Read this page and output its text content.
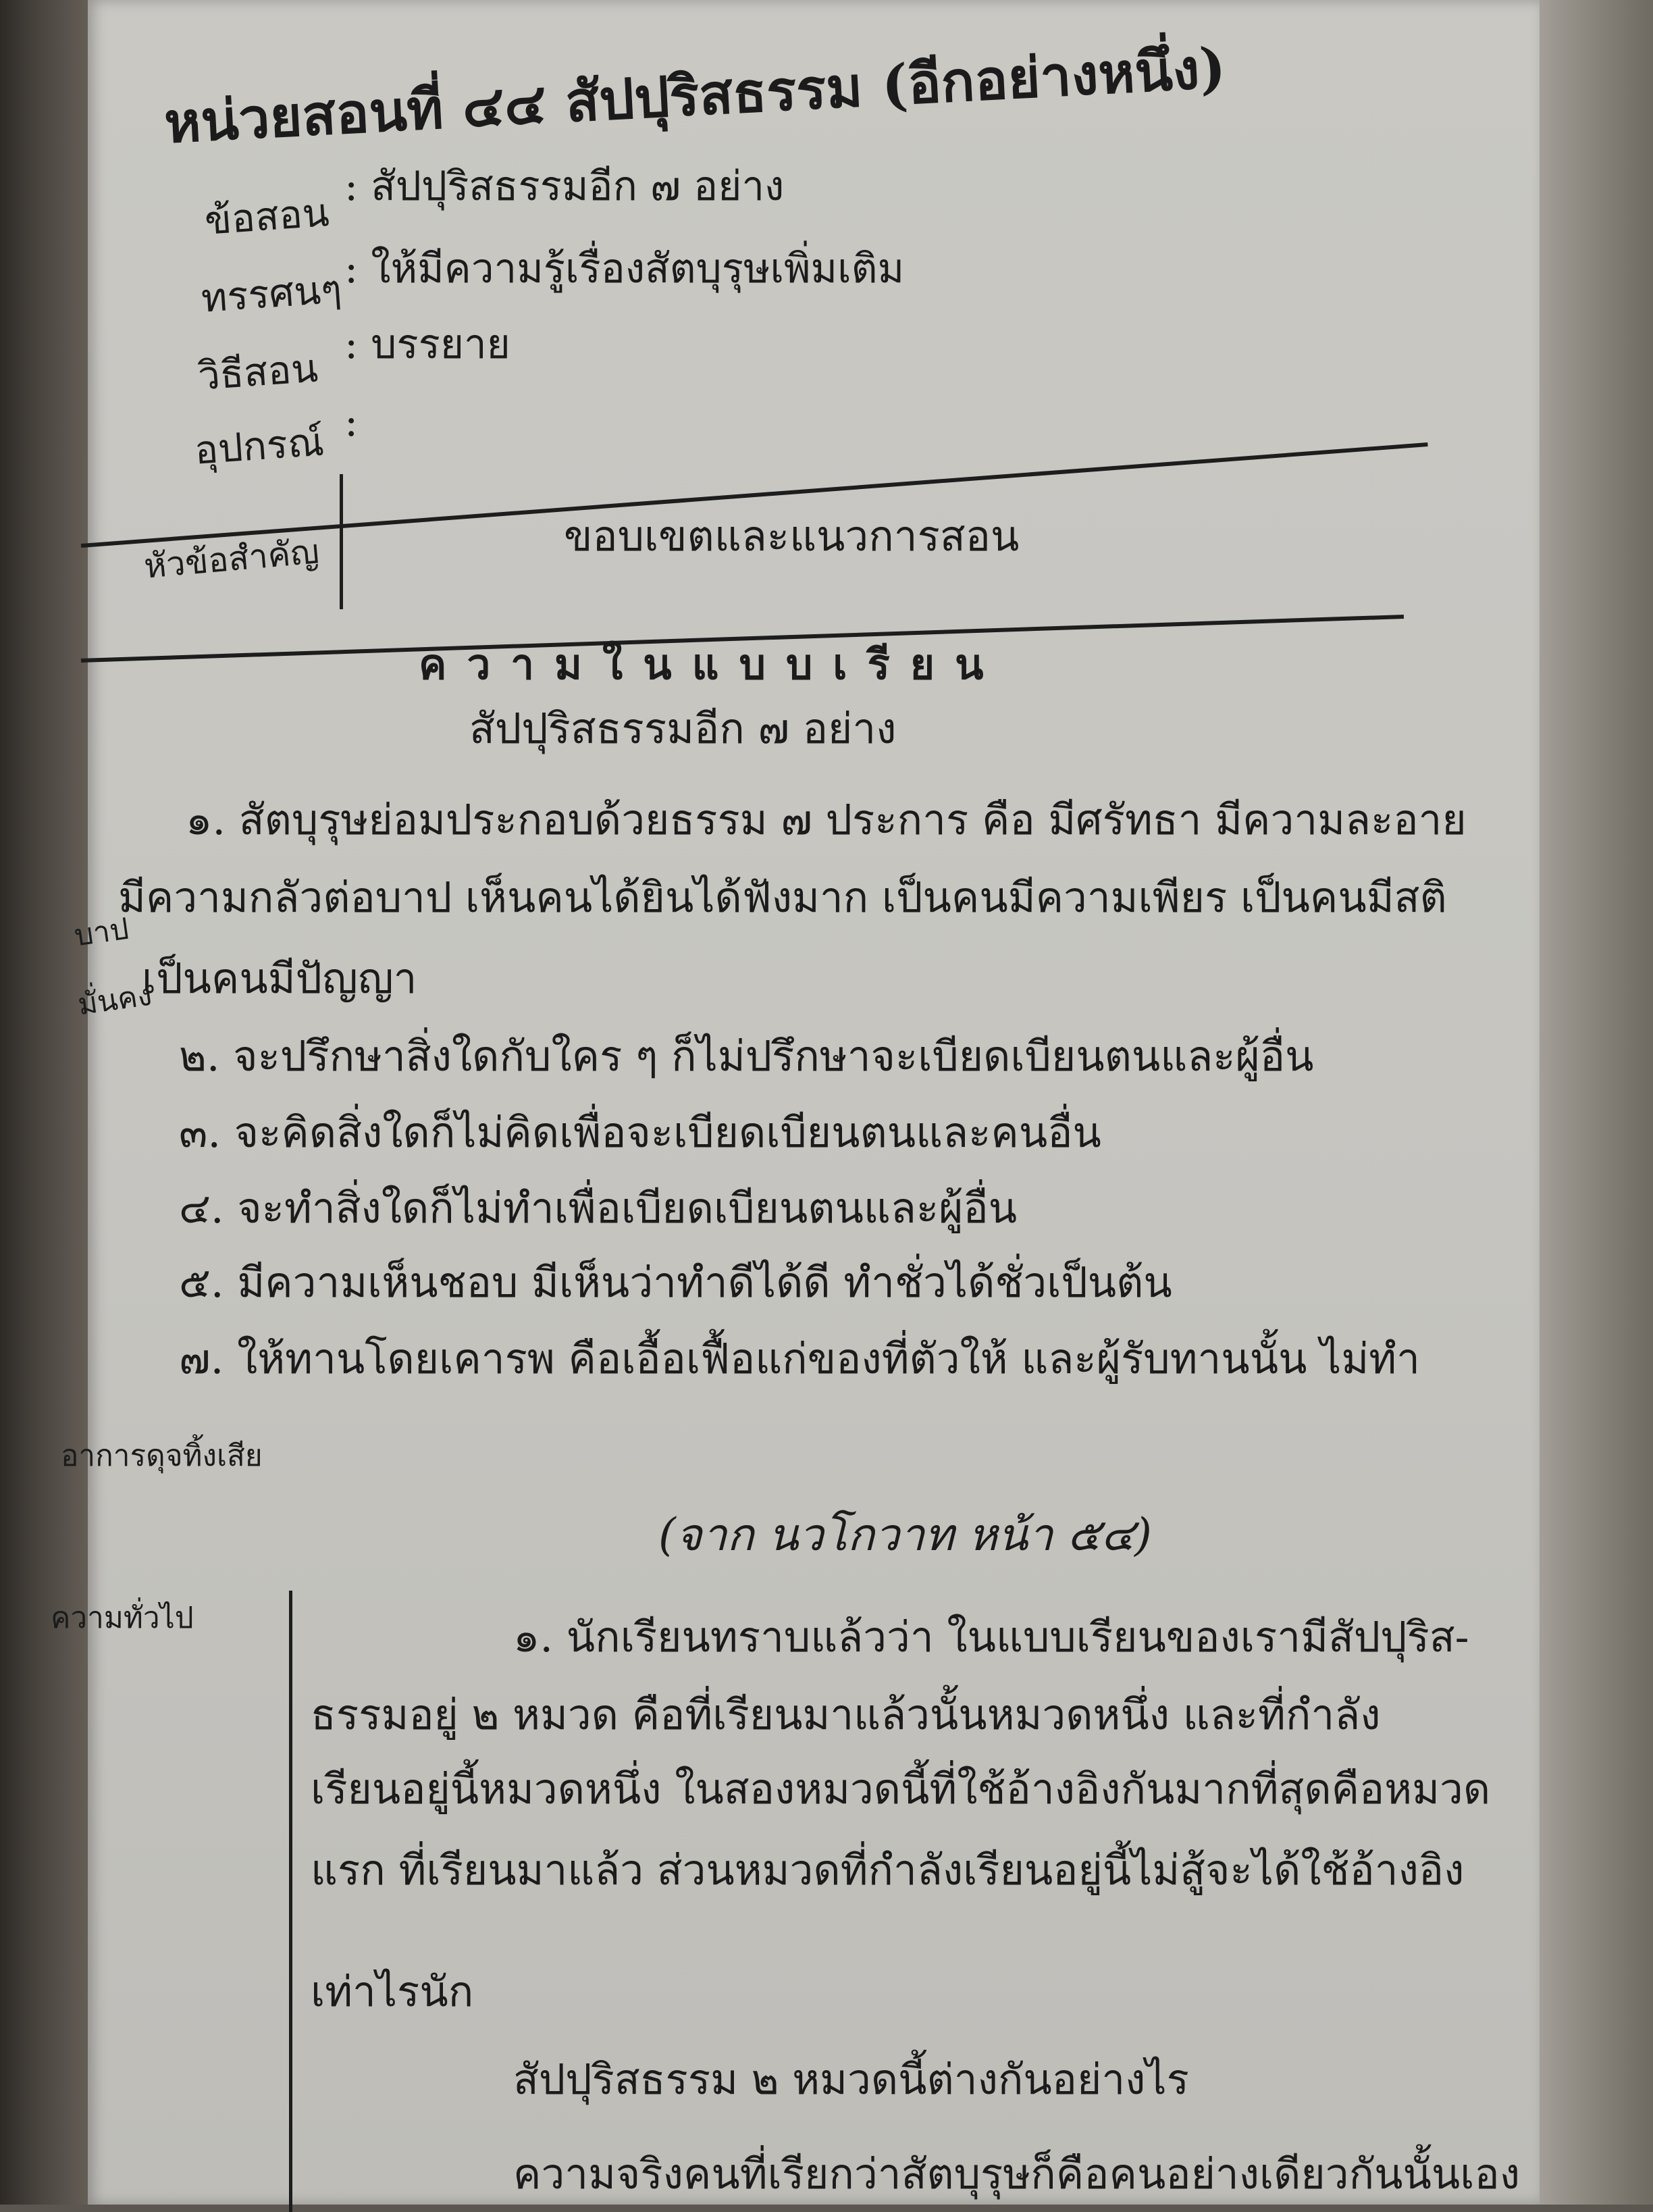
หน่วยสอนที่ ๔๔ สัปปุริสธรรม (อีกอย่างหนึ่ง)
ข้อสอน
: สัปปุริสธรรมอีก ๗ อย่าง
ทรรศนๆ : ให้มีความรู้เรื่องสัตบุรุษเพิ่มเติม
วิธีสอน
: บรรยาย
อุปกรณ์ :
หัวข้อสำคัญ	ขอบเขตและแนวการสอน
ความในแบบเรียน
สัปปุริสธรรมอีก ๗ อย่าง
๑. สัตบุรุษย่อมประกอบด้วยธรรม ๗ ประการ คือ มีศรัทธา มีความละอาย
บาป
มีความกลัวต่อบาป เห็นคนได้ยินได้ฟังมาก เป็นคนมีความเพียร เป็นคนมีสติ
มั่นคง
เป็นคนมีปัญญา
๒. จะปรึกษาสิ่งใดกับใคร ๆ ก็ไม่ปรึกษาจะเบียดเบียนตนและผู้อื่น
๓. จะคิดสิ่งใดก็ไม่คิดเพื่อจะเบียดเบียนตนและคนอื่น
๔. จะทำสิ่งใดก็ไม่ทำเพื่อเบียดเบียนตนและผู้อื่น
๕. มีความเห็นชอบ มีเห็นว่าทำดีได้ดี ทำชั่วได้ชั่วเป็นต้น
๗. ให้ทานโดยเคารพ คือเอื้อเฟื้อแก่ของที่ตัวให้ และผู้รับทานนั้น ไม่ทำ
อาการดุจทิ้งเสีย
(จาก นวโกวาท หน้า ๕๔)
ความทั่วไป	๑. นักเรียนทราบแล้วว่า ในแบบเรียนของเรามีสัปปุริส-
ธรรมอยู่ ๒ หมวด คือที่เรียนมาแล้วนั้นหมวดหนึ่ง และที่กำลัง
เรียนอยู่นี้หมวดหนึ่ง ในสองหมวดนี้ที่ใช้อ้างอิงกันมากที่สุดคือหมวด
แรก ที่เรียนมาแล้ว ส่วนหมวดที่กำลังเรียนอยู่นี้ไม่สู้จะได้ใช้อ้างอิง
เท่าไรนัก
สัปปุริสธรรม ๒ หมวดนี้ต่างกันอย่างไร
ความจริงคนที่เรียกว่าสัตบุรุษก็คือคนอย่างเดียวกันนั้นเอง
